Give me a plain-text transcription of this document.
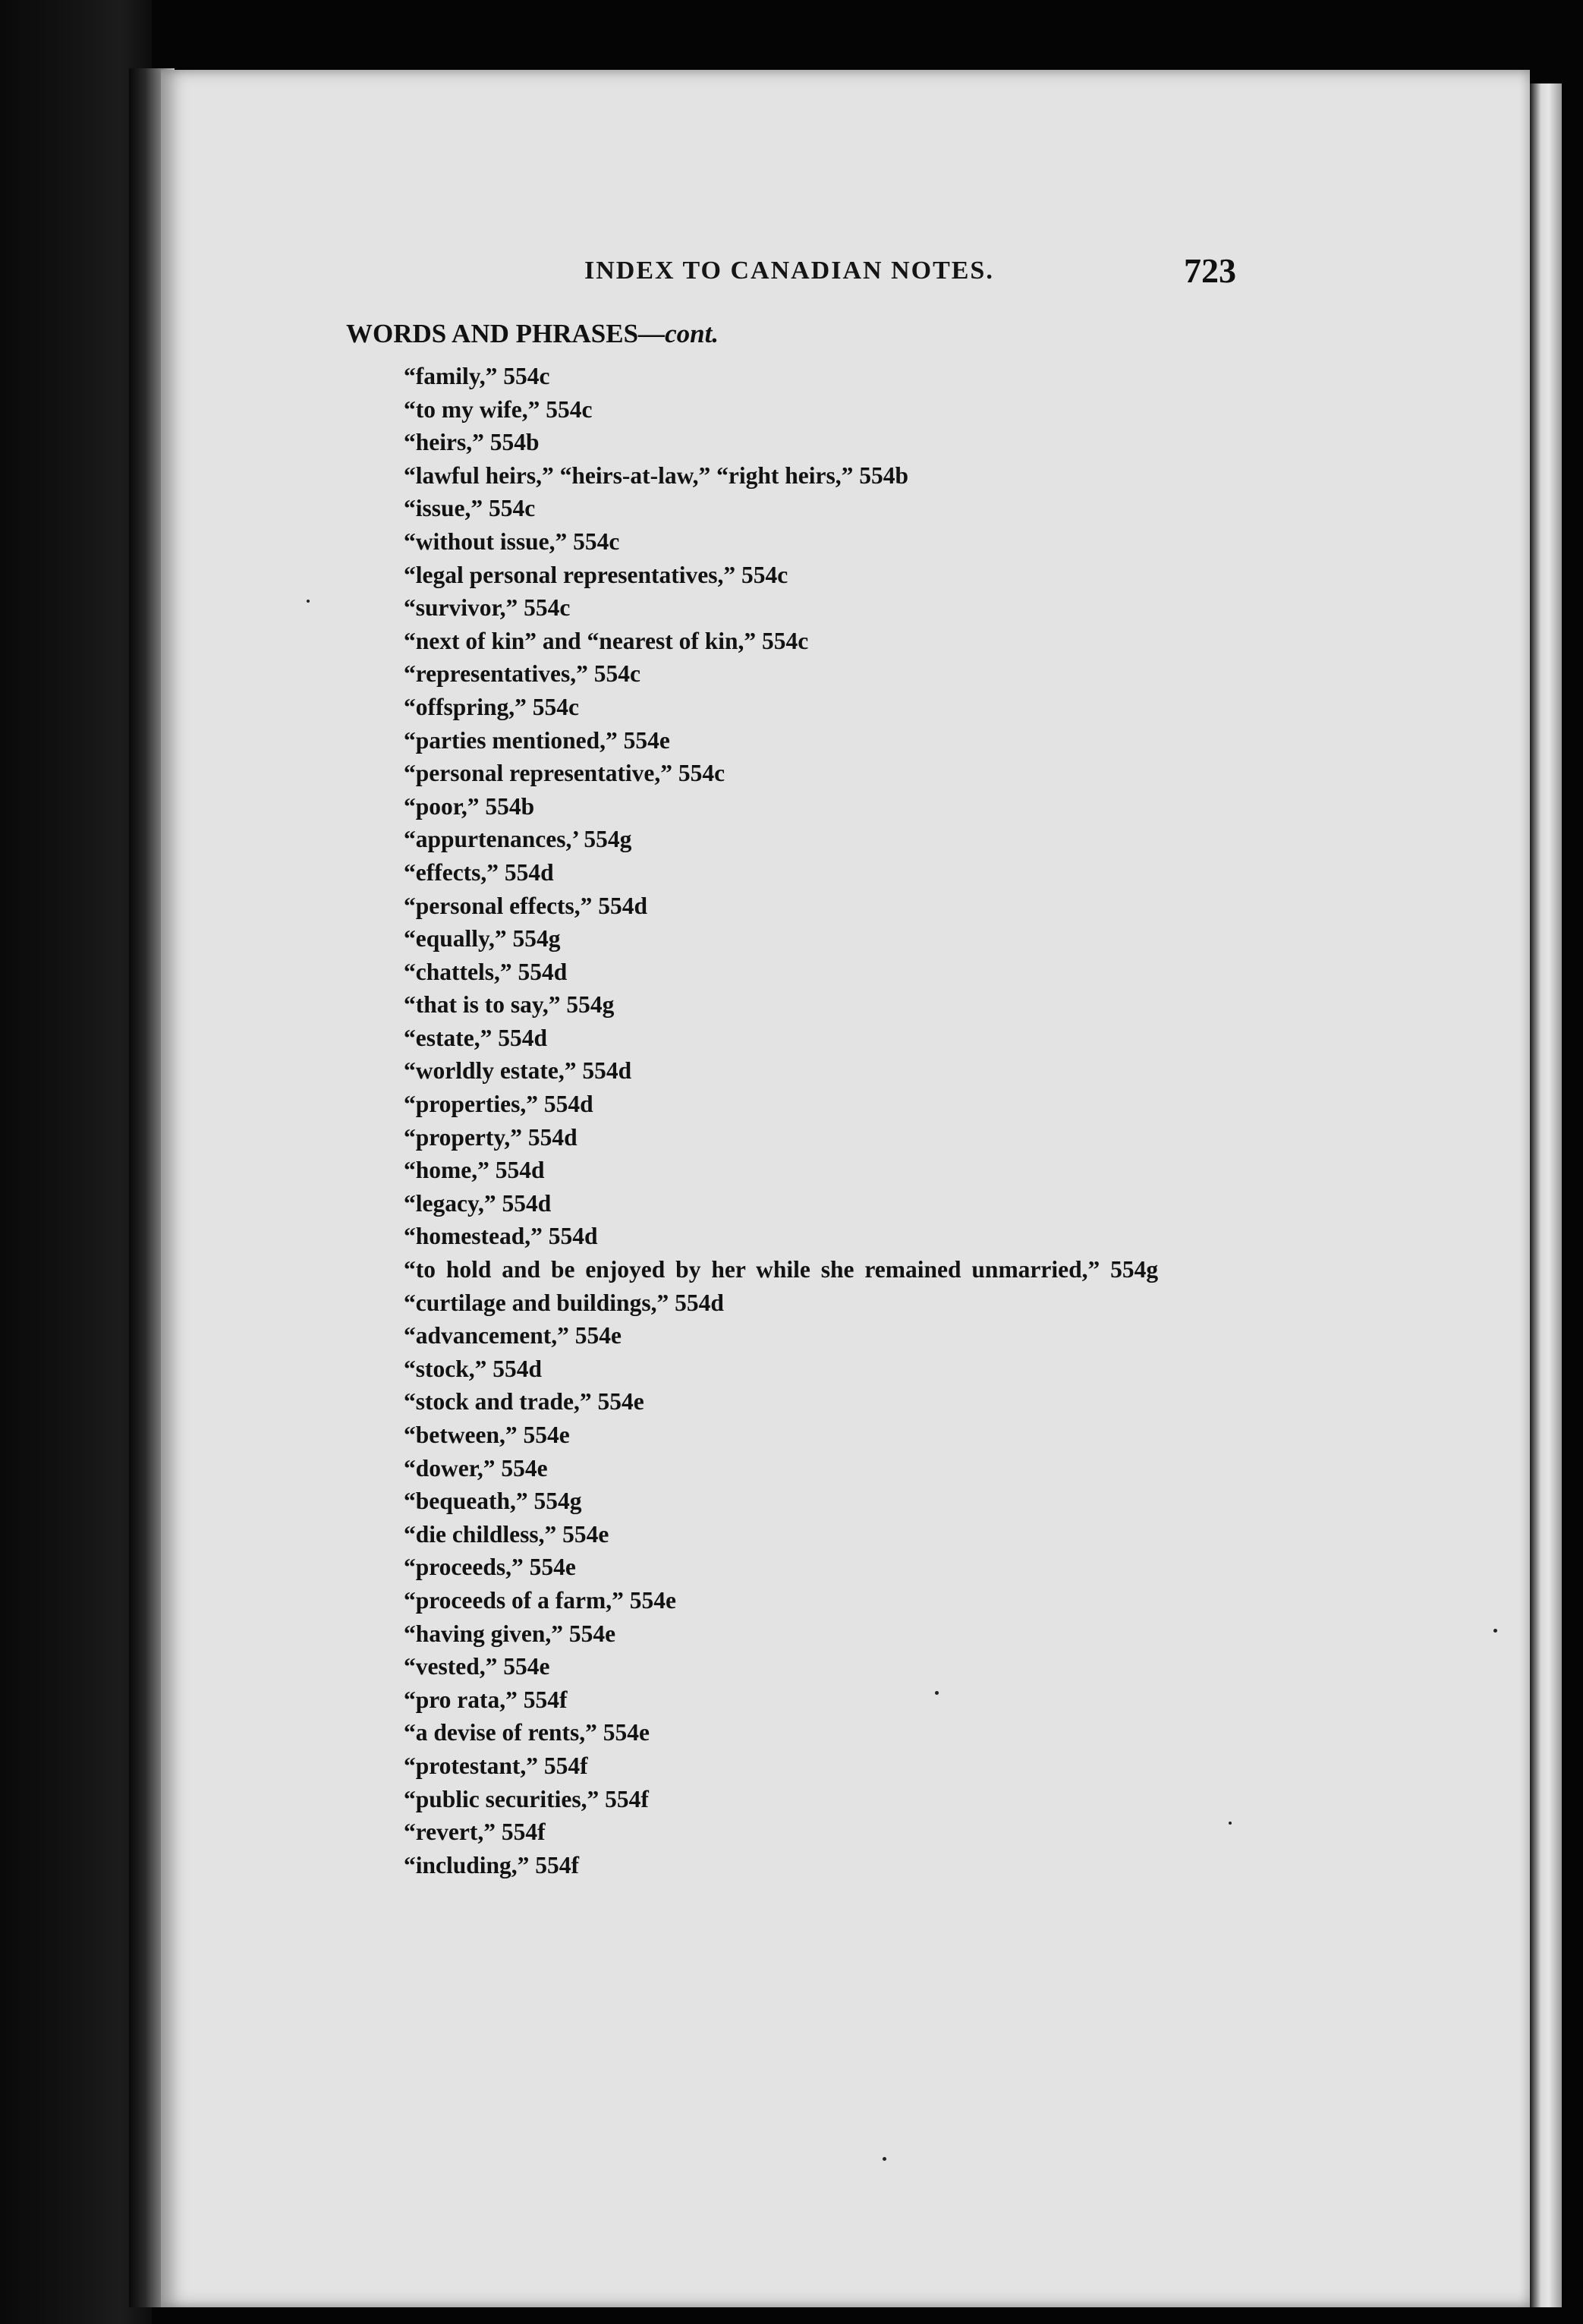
INDEX TO CANADIAN NOTES.	723
WORDS AND PHRASES—cont.
“family,” 554c
“to my wife,” 554c
“heirs,” 554b
“lawful heirs,” “heirs-at-law,” “right heirs,” 554b
“issue,” 554c
“without issue,” 554c
“legal personal representatives,” 554c
“survivor,” 554c
“next of kin” and “nearest of kin,” 554c
“representatives,” 554c
“offspring,” 554c
“parties mentioned,” 554e
“personal representative,” 554c
“poor,” 554b
“appurtenances,’ 554g
“effects,” 554d
“personal effects,” 554d
“equally,” 554g
“chattels,” 554d
“that is to say,” 554g
“estate,” 554d
“worldly estate,” 554d
“properties,” 554d
“property,” 554d
“home,” 554d
“legacy,” 554d
“homestead,” 554d
“to hold and be enjoyed by her while she remained unmarried,” 554g
“curtilage and buildings,” 554d
“advancement,” 554e
“stock,” 554d
“stock and trade,” 554e
“between,” 554e
“dower,” 554e
“bequeath,” 554g
“die childless,” 554e
“proceeds,” 554e
“proceeds of a farm,” 554e
“having given,” 554e
“vested,” 554e
“pro rata,” 554f
“a devise of rents,” 554e
“protestant,” 554f
“public securities,” 554f
“revert,” 554f
“including,” 554f
